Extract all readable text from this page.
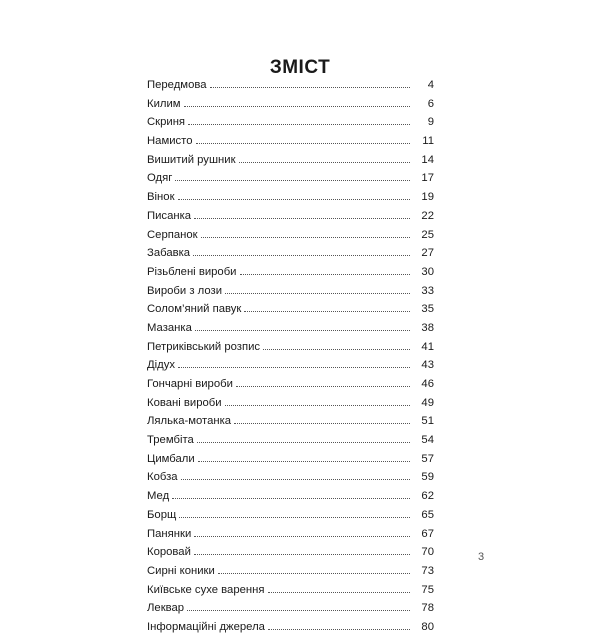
ЗМІСТ
Передмова	4
Килим	6
Скриня	9
Намисто	11
Вишитий рушник	14
Одяг	17
Вінок	19
Писанка	22
Серпанок	25
Забавка	27
Різьблені вироби	30
Вироби з лози	33
Солом’яний павук	35
Мазанка	38
Петриківський розпис	41
Дідух	43
Гончарні вироби	46
Ковані вироби	49
Лялька-мотанка	51
Трембіта	54
Цимбали	57
Кобза	59
Мед	62
Борщ	65
Панянки	67
Коровай	70
Сирні коники	73
Київське сухе варення	75
Леквар	78
Інформаційні джерела	80
3
